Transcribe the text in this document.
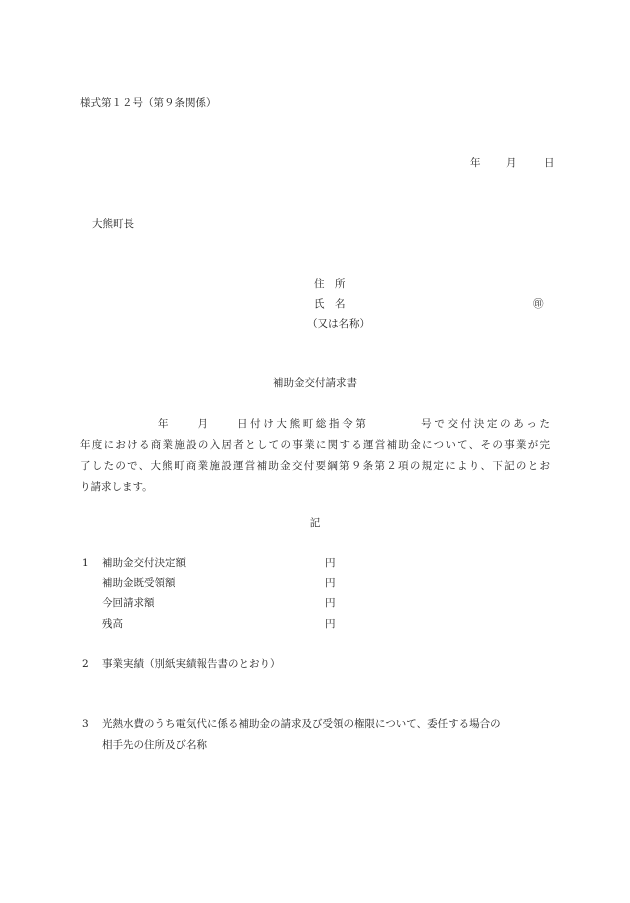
様式第１２号（第９条関係）
年 月	日
大熊町長
住　所
氏　名	㊞
（又は名称）
補助金交付請求書
年　　月　　日付け大熊町総指令第　　　　号で交付決定のあった
年度における商業施設の入居者としての事業に関する運営補助金について、その事業が完
了したので、大熊町商業施設運営補助金交付要綱第９条第２項の規定により、下記のとお
り請求します。
記
1 補助金交付決定額	円
補助金既受領額	円
今回請求額	円
残高	円
2 事業実績（別紙実績報告書のとおり）
3 光熱水費のうち電気代に係る補助金の請求及び受領の権限について、委任する場合の
相手先の住所及び名称
